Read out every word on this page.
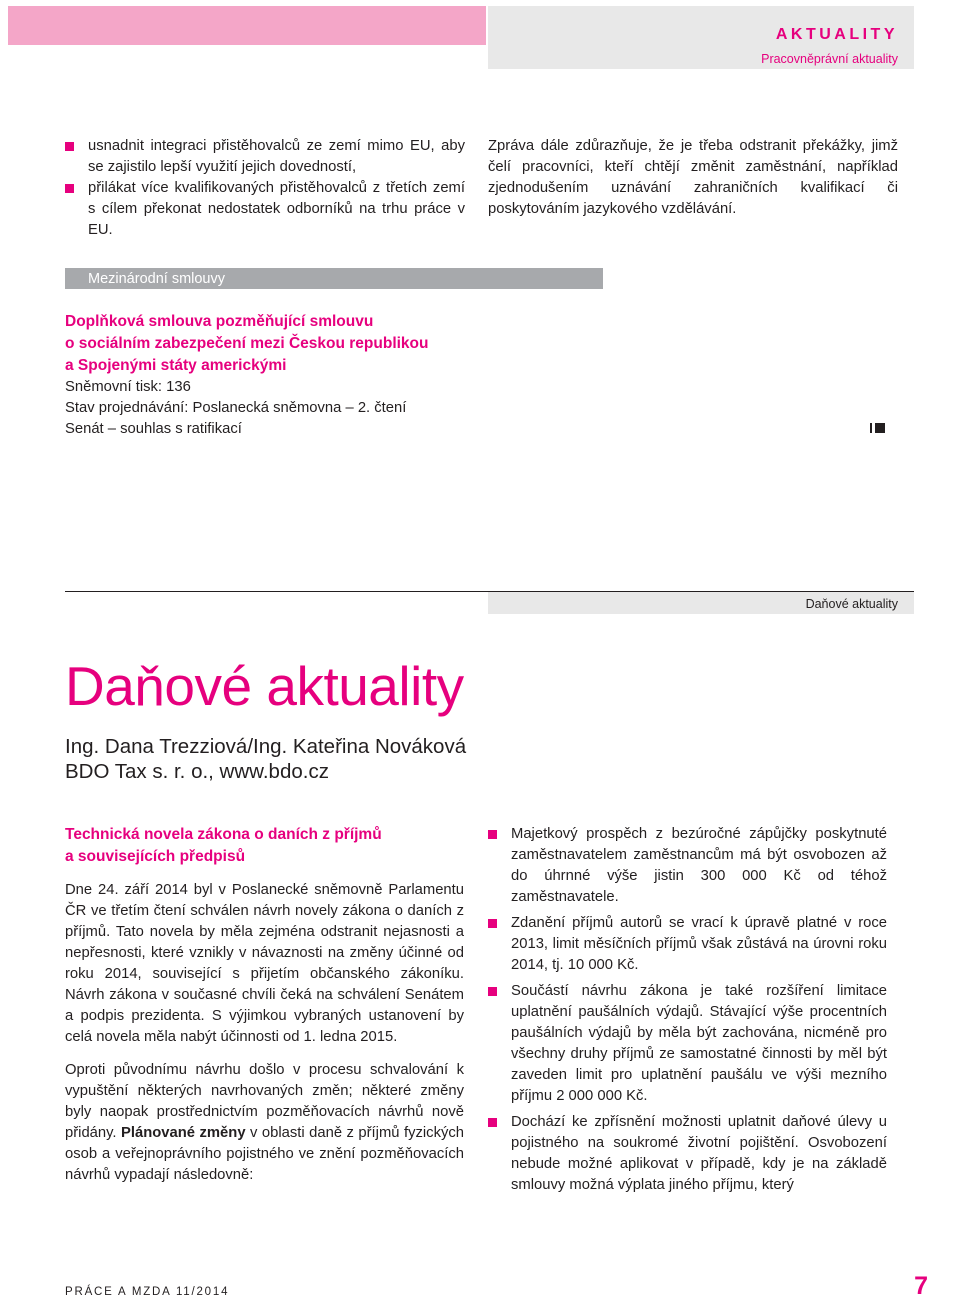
AKTUALITY
Pracovněprávní aktuality
usnadnit integraci přistěhovalců ze zemí mimo EU, aby se zajistilo lepší využití jejich dovedností,
přilákat více kvalifikovaných přistěhovalců z třetích zemí s cílem překonat nedostatek odborníků na trhu práce v EU.

Zpráva dále zdůrazňuje, že je třeba odstranit překážky, jimž čelí pracovníci, kteří chtějí změnit zaměstnání, například zjednodušením uznávání zahraničních kvalifikací či poskytováním jazykového vzdělávání.

Mezinárodní smlouvy
Doplňková smlouva pozměňující smlouvu
o sociálním zabezpečení mezi Českou republikou
a Spojenými státy americkými
Sněmovní tisk: 136
Stav projednávání: Poslanecká sněmovna – 2. čtení
Senát – souhlas s ratifikací
Daňové aktuality
Daňové aktuality
Ing. Dana Trezziová/Ing. Kateřina Nováková
BDO Tax s. r. o., www.bdo.cz
Technická novela zákona o daních z příjmů
a souvisejících předpisů

Dne 24. září 2014 byl v Poslanecké sněmovně Parlamentu ČR ve třetím čtení schválen návrh novely zákona o daních z příjmů. Tato novela by měla zejména odstranit nejasnosti a nepřesnosti, které vznikly v návaznosti na změny účinné od roku 2014, související s přijetím občanského zákoníku. Návrh zákona v současné chvíli čeká na schválení Senátem a podpis prezidenta. S výjimkou vybraných ustanovení by celá novela měla nabýt účinnosti od 1. ledna 2015.

Oproti původnímu návrhu došlo v procesu schvalování k vypuštění některých navrhovaných změn; některé změny byly naopak prostřednictvím pozměňovacích návrhů nově přidány. Plánované změny v oblasti daně z příjmů fyzických osob a veřejnoprávního pojistného ve znění pozměňovacích návrhů vypadají následovně:

Majetkový prospěch z bezúročné zápůjčky poskytnuté zaměstnavatelem zaměstnancům má být osvobozen až do úhrnné výše jistin 300 000 Kč od téhož zaměstnavatele.
Zdanění příjmů autorů se vrací k úpravě platné v roce 2013, limit měsíčních příjmů však zůstává na úrovni roku 2014, tj. 10 000 Kč.
Součástí návrhu zákona je také rozšíření limitace uplatnění paušálních výdajů. Stávající výše procentních paušálních výdajů by měla být zachována, nicméně pro všechny druhy příjmů ze samostatné činnosti by měl být zaveden limit pro uplatnění paušálu ve výši mezního příjmu 2 000 000 Kč.
Dochází ke zpřísnění možnosti uplatnit daňové úlevy u pojistného na soukromé životní pojištění. Osvobození nebude možné aplikovat v případě, kdy je na základě smlouvy možná výplata jiného příjmu, který
PRÁCE A MZDA 11/2014	7
